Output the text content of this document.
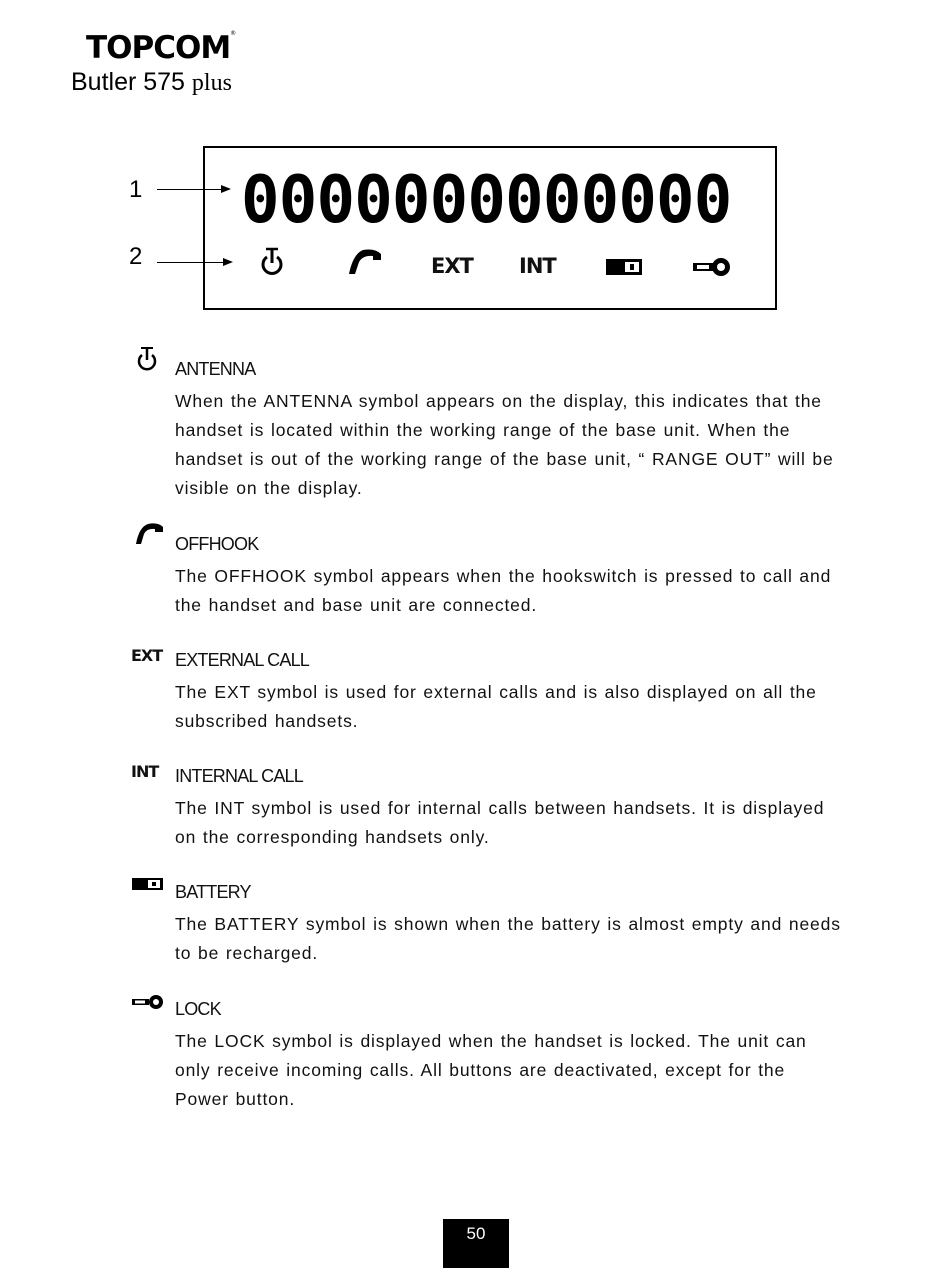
TOPCOM®
Butler 575 plus
1
2
0000000000000
EXT INT
ANTENNA

When the ANTENNA symbol appears on the display, this indicates that the handset is located within the working range of the base unit. When the handset is out of the working range of the base unit, “ RANGE OUT” will be visible on the display.

OFFHOOK

The OFFHOOK symbol appears when the hookswitch is pressed to call and the handset and base unit are connected.

EXT EXTERNAL CALL

The EXT symbol is used for external calls and is also displayed on all the subscribed handsets.

INT INTERNAL CALL

The INT symbol is used for internal calls between handsets. It is displayed on the corresponding handsets only.

BATTERY

The BATTERY symbol is shown when the battery is almost empty and needs to be recharged.

LOCK

The LOCK symbol is displayed when the handset is locked. The unit can only receive incoming calls. All buttons are deactivated, except for the Power button.

50
